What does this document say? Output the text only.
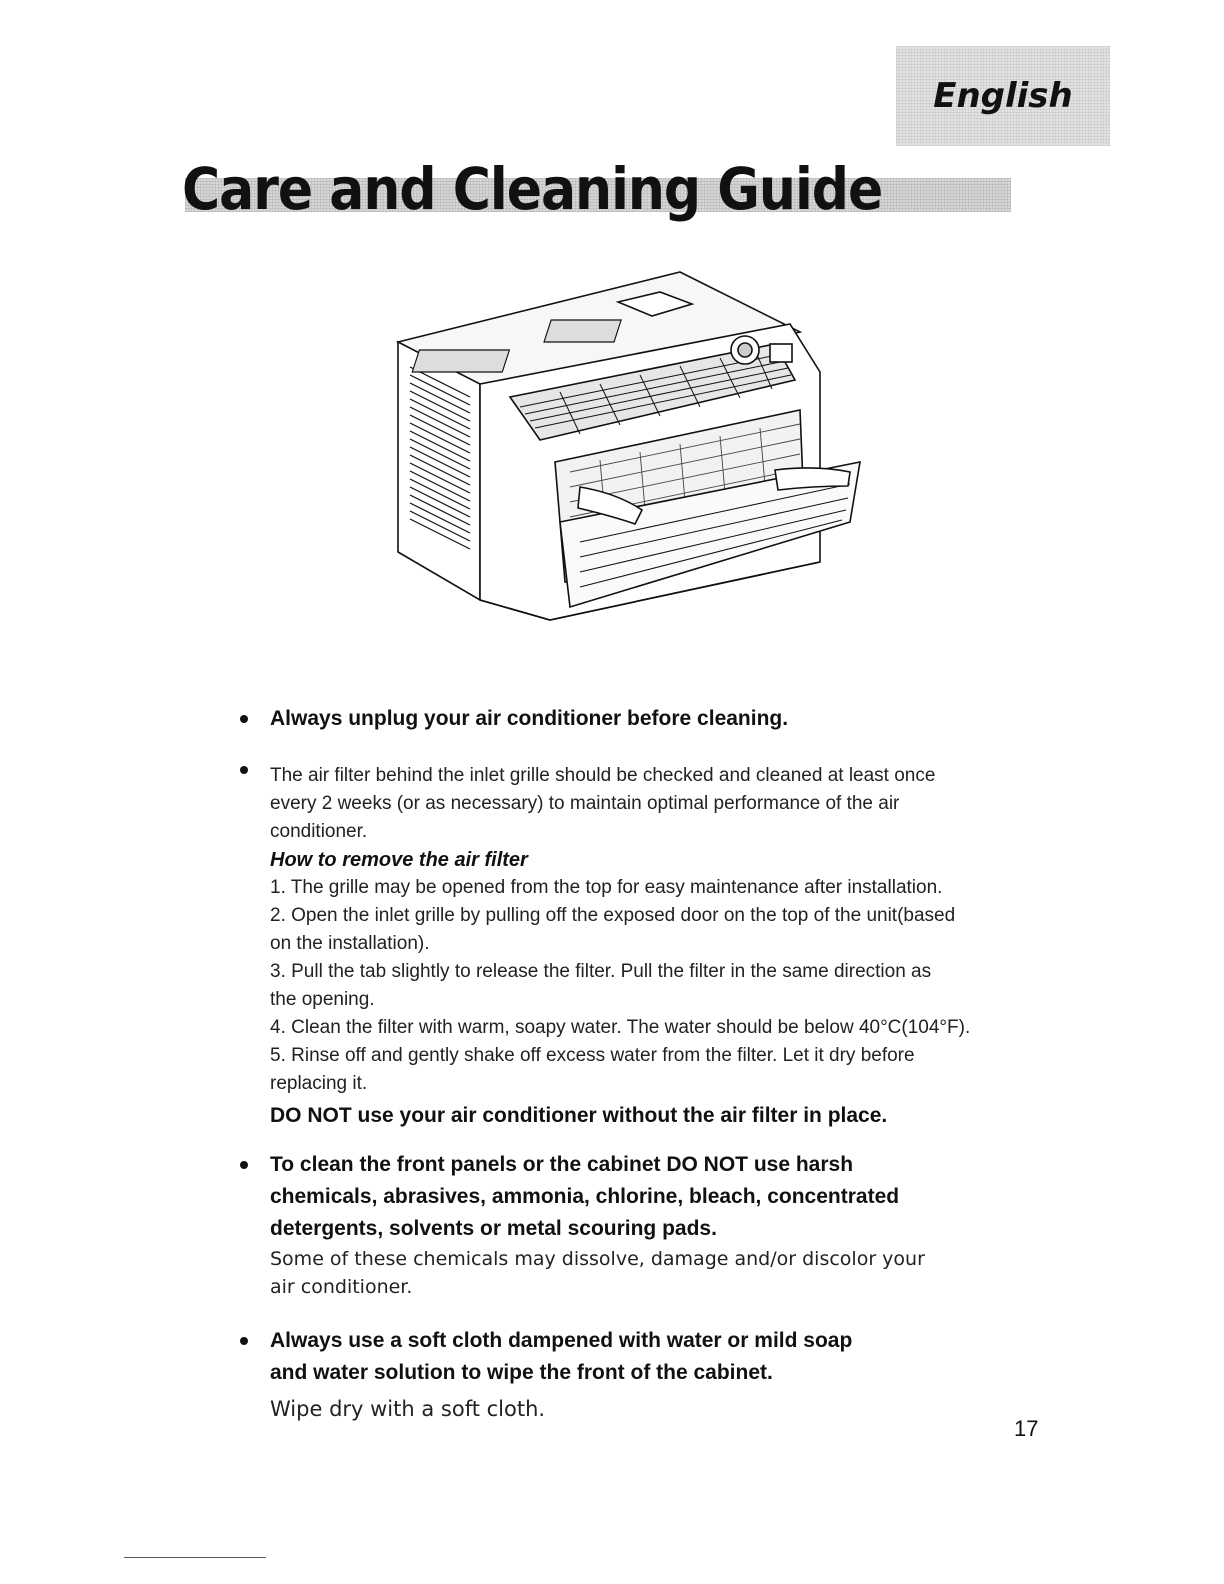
English
Care and Cleaning Guide
Always unplug your air conditioner before cleaning.
The air filter behind the inlet grille should be checked and cleaned at least once
every 2 weeks (or as necessary) to maintain optimal performance of the air
conditioner.
How to remove the air filter
1. The grille may be opened from the top for easy maintenance after installation.
2. Open the inlet grille by pulling off the exposed door on the top of the unit(based
on the installation).
3. Pull the tab slightly to release the filter. Pull the filter in the same direction as
the opening.
4. Clean the filter with warm, soapy water. The water should be below 40°C(104°F).
5. Rinse off and gently shake off excess water from the filter. Let it dry before
replacing it.
DO NOT use your air conditioner without the air filter in place.
To clean the front panels or the cabinet DO NOT use harsh
chemicals, abrasives, ammonia, chlorine, bleach, concentrated
detergents, solvents or metal scouring pads.
Some of these chemicals may dissolve, damage and/or discolor your
air conditioner.
Always use a soft cloth dampened with water or mild soap
and water solution to wipe the front of the cabinet.
Wipe dry with a soft cloth.
17
